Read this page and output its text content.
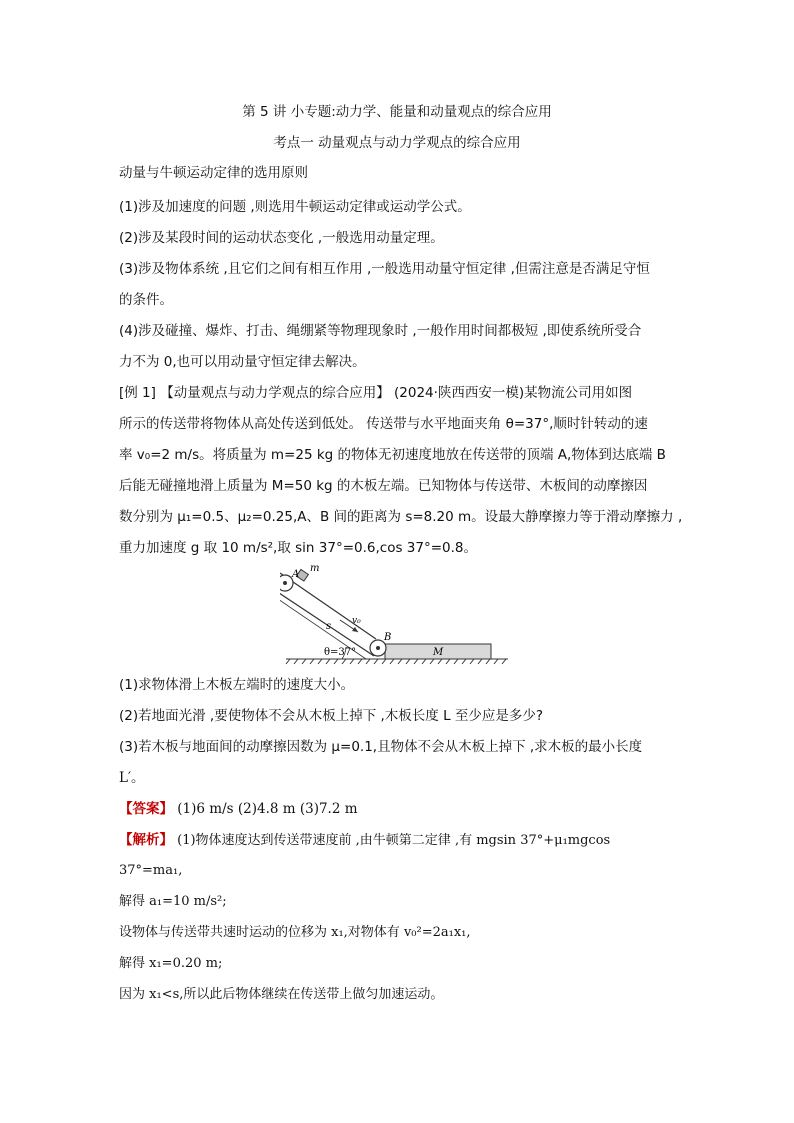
第 5 讲 小专题:动力学、能量和动量观点的综合应用
考点一 动量观点与动力学观点的综合应用
动量与牛顿运动定律的选用原则
(1)涉及加速度的问题 ,则选用牛顿运动定律或运动学公式。
(2)涉及某段时间的运动状态变化 ,一般选用动量定理。
(3)涉及物体系统 ,且它们之间有相互作用 ,一般选用动量守恒定律 ,但需注意是否满足守恒
的条件。
(4)涉及碰撞、爆炸、打击、绳绷紧等物理现象时 ,一般作用时间都极短 ,即使系统所受合
力不为 0,也可以用动量守恒定律去解决。
[例 1] 【动量观点与动力学观点的综合应用】 (2024·陕西西安一模)某物流公司用如图
所示的传送带将物体从高处传送到低处。 传送带与水平地面夹角 θ=37°,顺时针转动的速
率 v₀=2 m/s。将质量为 m=25 kg 的物体无初速度地放在传送带的顶端 A,物体到达底端 B
后能无碰撞地滑上质量为 M=50 kg 的木板左端。已知物体与传送带、木板间的动摩擦因
数分别为 μ₁=0.5、μ₂=0.25,A、B 间的距离为 s=8.20 m。设最大静摩擦力等于滑动摩擦力 ,
重力加速度 g 取 10 m/s²,取 sin 37°=0.6,cos 37°=0.8。
A
m
B
s v₀
θ=37°	M
(1)求物体滑上木板左端时的速度大小。
(2)若地面光滑 ,要使物体不会从木板上掉下 ,木板长度 L 至少应是多少?
(3)若木板与地面间的动摩擦因数为 μ=0.1,且物体不会从木板上掉下 ,求木板的最小长度
L′。
【答案】 (1)6 m/s (2)4.8 m (3)7.2 m
【解析】 (1)物体速度达到传送带速度前 ,由牛顿第二定律 ,有 mgsin 37°+μ₁mgcos
37°=ma₁,
解得 a₁=10 m/s²;
设物体与传送带共速时运动的位移为 x₁,对物体有 v₀²=2a₁x₁,
解得 x₁=0.20 m;
因为 x₁<s,所以此后物体继续在传送带上做匀加速运动。
